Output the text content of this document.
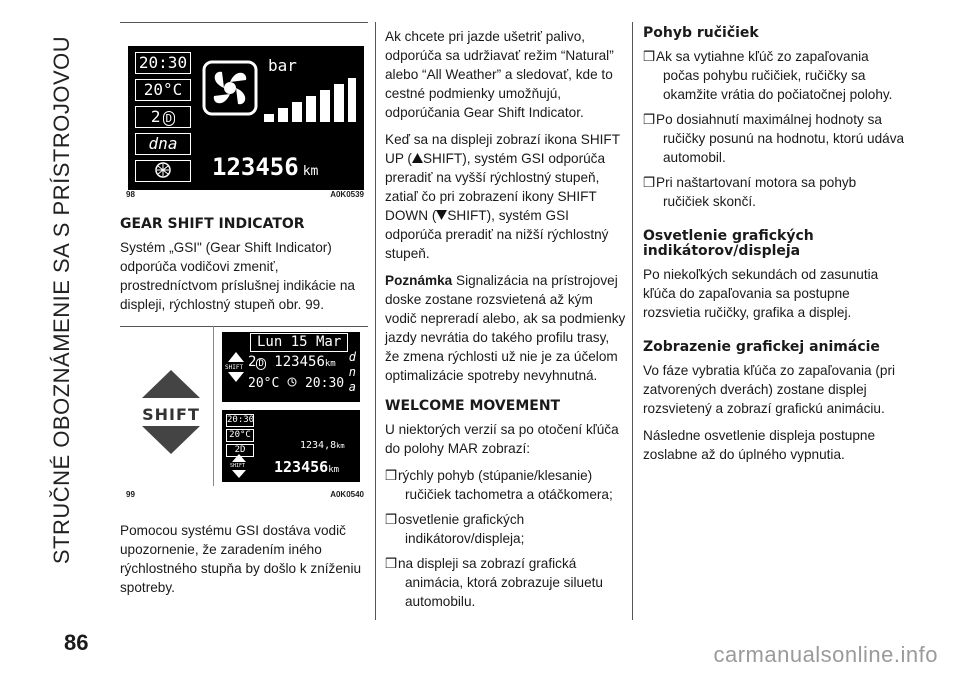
STRUČNÉ OBOZNÁMENIE SA S PRÍSTROJOVOU
86
20:30
20°C
2 D
dna
bar
123456 km
98	A0K0539
GEAR SHIFT INDICATOR

Systém „GSI" (Gear Shift Indicator) odporúča vodičovi zmeniť, prostredníctvom príslušnej indikácie na displeji, rýchlostný stupeň obr. 99.

SHIFT
Lun 15 Mar
SHIFT 2 D 123456km
20°C 20:30
d
n
a
20:30
20°C
2D
SHIFT
1234,8km
123456km
99	A0K0540

Pomocou systému GSI dostáva vodič upozornenie, že zaradením iného rýchlostného stupňa by došlo k zníženiu spotreby.

Ak chcete pri jazde ušetriť palivo, odporúča sa udržiavať režim “Natural” alebo “All Weather” a sledovať, kde to cestné podmienky umožňujú, odporúčania Gear Shift Indicator.

Keď sa na displeji zobrazí ikona SHIFT UP ( SHIFT), systém GSI odporúča preradiť na vyšší rýchlostný stupeň, zatiaľ čo pri zobrazení ikony SHIFT DOWN ( SHIFT), systém GSI odporúča preradiť na nižší rýchlostný stupeň.

Poznámka Signalizácia na prístrojovej doske zostane rozsvietená až kým vodič nepreradí alebo, ak sa podmienky jazdy nevrátia do takého profilu trasy, že zmena rýchlosti už nie je za účelom optimalizácie spotreby nevyhnutná.

WELCOME MOVEMENT

U niektorých verzií sa po otočení kľúča do polohy MAR zobrazí:

❒rýchly pohyb (stúpanie/klesanie) ručičiek tachometra a otáčkomera;
❒osvetlenie grafických indikátorov/displeja;
❒na displeji sa zobrazí grafická animácia, ktorá zobrazuje siluetu automobilu.
Pohyb ručičiek
❒Ak sa vytiahne kľúč zo zapaľovania počas pohybu ručičiek, ručičky sa okamžite vrátia do počiatočnej polohy.
❒Po dosiahnutí maximálnej hodnoty sa ručičky posunú na hodnotu, ktorú udáva automobil.
❒Pri naštartovaní motora sa pohyb ručičiek skončí.
Osvetlenie grafických indikátorov/displeja

Po niekoľkých sekundách od zasunutia kľúča do zapaľovania sa postupne rozsvietia ručičky, grafika a displej.

Zobrazenie grafickej animácie

Vo fáze vybratia kľúča zo zapaľovania (pri zatvorených dverách) zostane displej rozsvietený a zobrazí grafickú animáciu.

Následne osvetlenie displeja postupne zoslabne až do úplného vypnutia.

carmanualsonline.info
